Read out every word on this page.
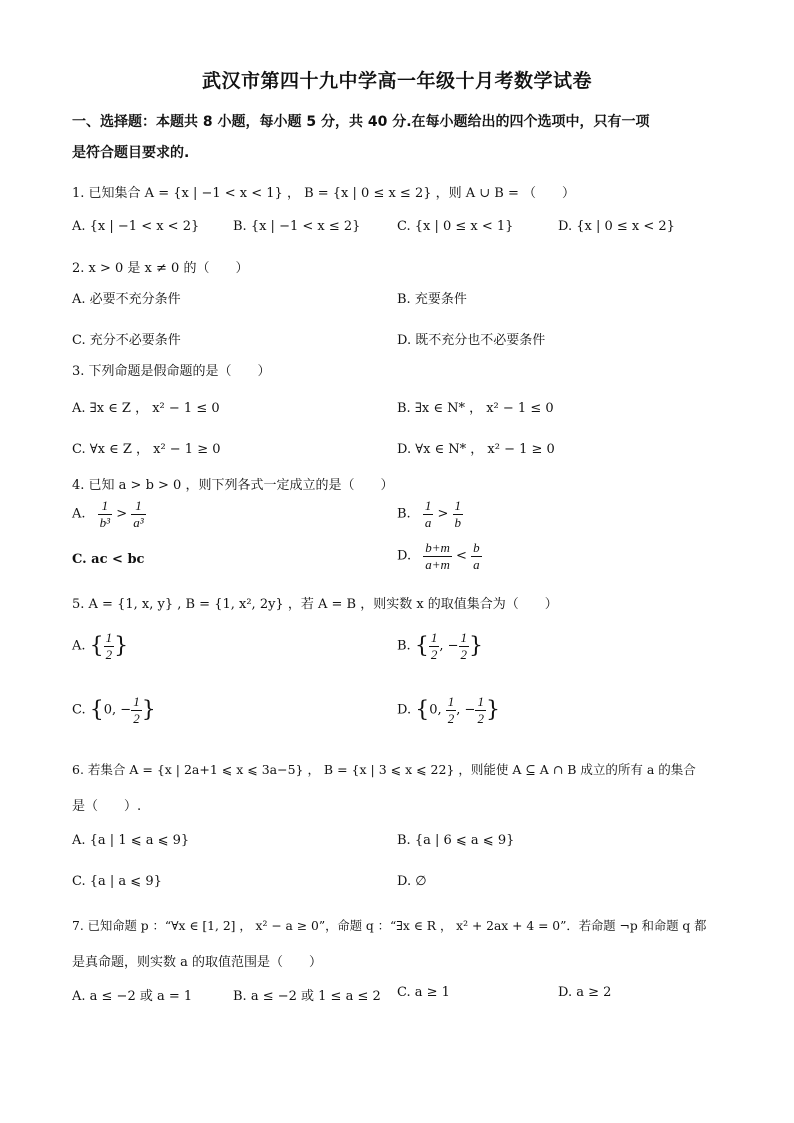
武汉市第四十九中学高一年级十月考数学试卷
一、选择题：本题共 8 小题，每小题 5 分，共 40 分.在每小题给出的四个选项中，只有一项
是符合题目要求的.
1. 已知集合 A = {x | −1 < x < 1} ， B = {x | 0 ≤ x ≤ 2} ，则 A ∪ B = （　　）
A. {x | −1 < x < 2}	B. {x | −1 < x ≤ 2}	C. {x | 0 ≤ x < 1}	D. {x | 0 ≤ x < 2}
2. x > 0 是 x ≠ 0 的（　　）
A. 必要不充分条件	B. 充要条件
C. 充分不必要条件	D. 既不充分也不必要条件
3. 下列命题是假命题的是（　　）
A. ∃x ∈ Z ， x² − 1 ≤ 0	B. ∃x ∈ N* ， x² − 1 ≤ 0
C. ∀x ∈ Z ， x² − 1 ≥ 0	D. ∀x ∈ N* ， x² − 1 ≥ 0
4. 已知 a > b > 0 ，则下列各式一定成立的是（　　）
A. $\frac{1}{\text{b³}} > \frac{1}{\text{a³}}$	B. $\frac{1}{a} > \frac{1}{b}$
C. ac < bc	D. $\frac{b+m}{a+m} < \frac{b}{a}$
5. A = {1, x, y} , B = {1, x², 2y} ，若 A = B ，则实数 x 的取值集合为（　　）
A. { $\frac{1}{2}$ }	B. { $\frac{1}{2}$ , − $\frac{1}{2}$ }
C. {0, − $\frac{1}{2}$ }	D. {0, $\frac{1}{2}$ , − $\frac{1}{2}$ }
6. 若集合 A = {x | 2a+1 ⩽ x ⩽ 3a−5} ， B = {x | 3 ⩽ x ⩽ 22} ，则能使 A ⊆ A ∩ B 成立的所有 a 的集合
是（　　）.
A. {a | 1 ⩽ a ⩽ 9}	B. {a | 6 ⩽ a ⩽ 9}
C. {a | a ⩽ 9}	D. ∅
7. 已知命题 p ：“∀x ∈ [1, 2] ， x² − a ≥ 0”，命题 q ：“∃x ∈ R ， x² + 2ax + 4 = 0”．若命题 ¬p 和命题 q 都
是真命题，则实数 a 的取值范围是（　　）
A. a ≤ −2 或 a = 1	B. a ≤ −2 或 1 ≤ a ≤ 2 C. a ≥ 1	D. a ≥ 2
